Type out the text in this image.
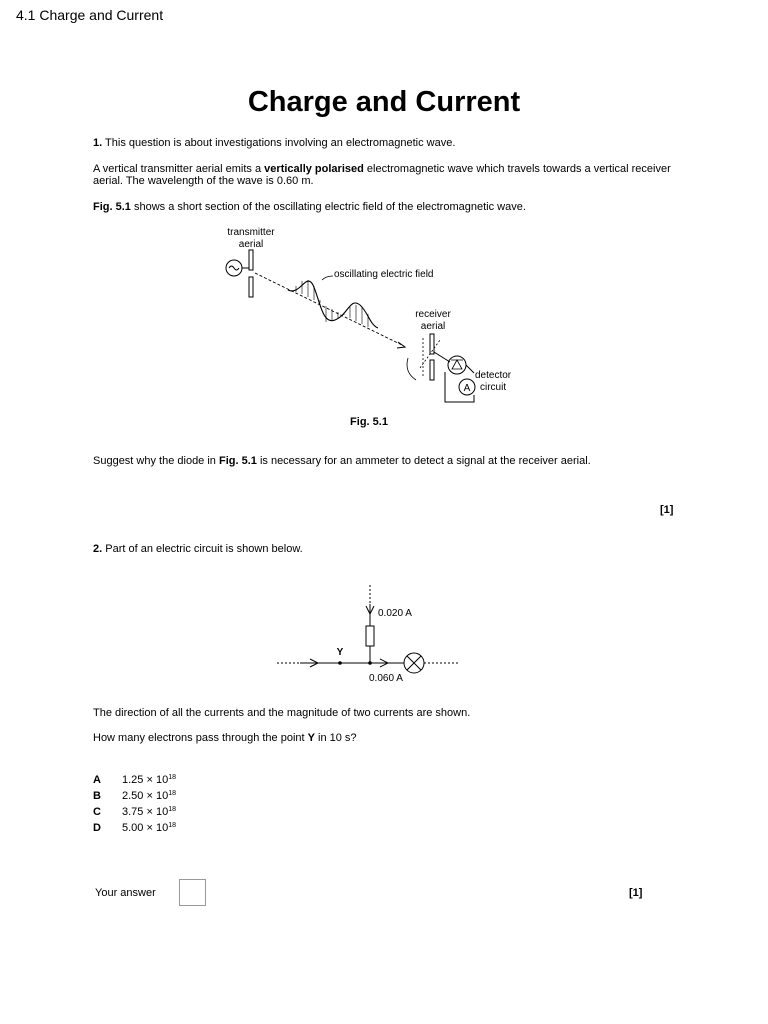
4.1 Charge and Current
Charge and Current
1. This question is about investigations involving an electromagnetic wave.
A vertical transmitter aerial emits a vertically polarised electromagnetic wave which travels towards a vertical receiver aerial. The wavelength of the wave is 0.60 m.
Fig. 5.1 shows a short section of the oscillating electric field of the electromagnetic wave.
transmitter
aerial
oscillating electric field
receiver
aerial
A
detector
circuit
Fig. 5.1
Suggest why the diode in Fig. 5.1 is necessary for an ammeter to detect a signal at the receiver aerial.
[1]
2. Part of an electric circuit is shown below.
0.020 A
Y
0.060 A
The direction of all the currents and the magnitude of two currents are shown.
How many electrons pass through the point Y in 10 s?
A $1.25 \times 10^{18}$
B $2.50 \times 10^{18}$
C $3.75 \times 10^{18}$
D $5.00 \times 10^{18}$
Your answer	[1]
